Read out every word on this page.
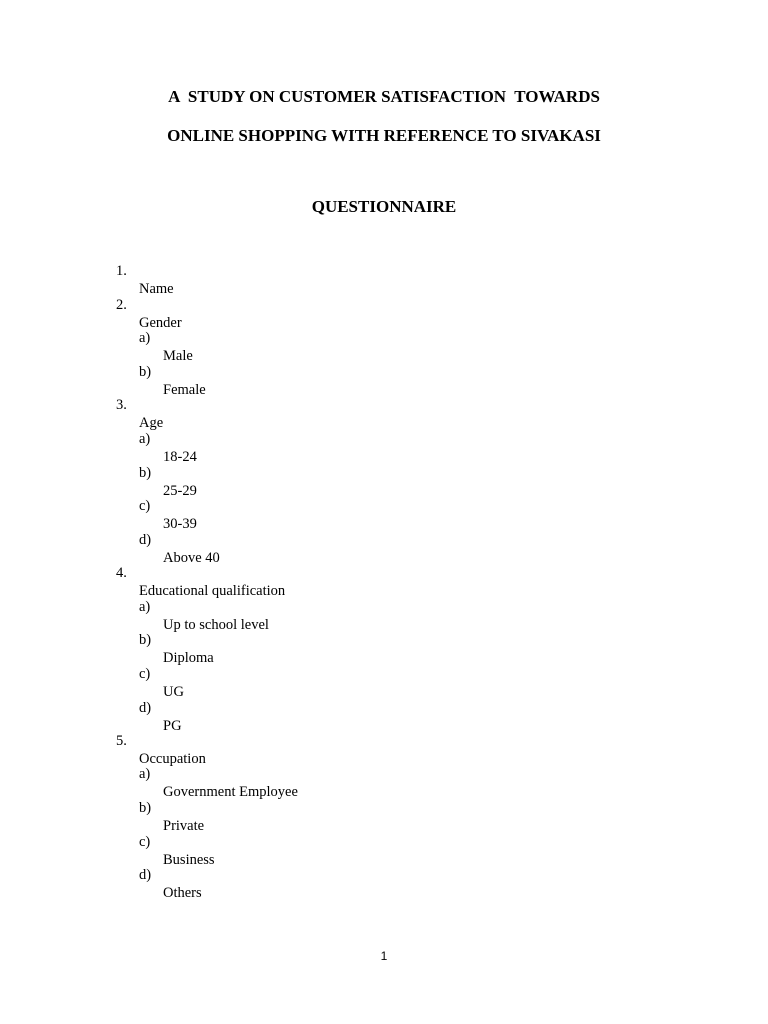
A  STUDY ON CUSTOMER SATISFACTION  TOWARDS
ONLINE SHOPPING WITH REFERENCE TO SIVAKASI
QUESTIONNAIRE

1.

Name

2.

Gender

a)

Male

b)

Female

3.

Age

a)

18-24

b)

25-29

c)

30-39

d)

Above 40

4.

Educational qualification

a)

Up to school level

b)

Diploma

c)

UG

d)

PG

5.

Occupation

a)

Government Employee

b)

Private

c)

Business

d)

Others

1
